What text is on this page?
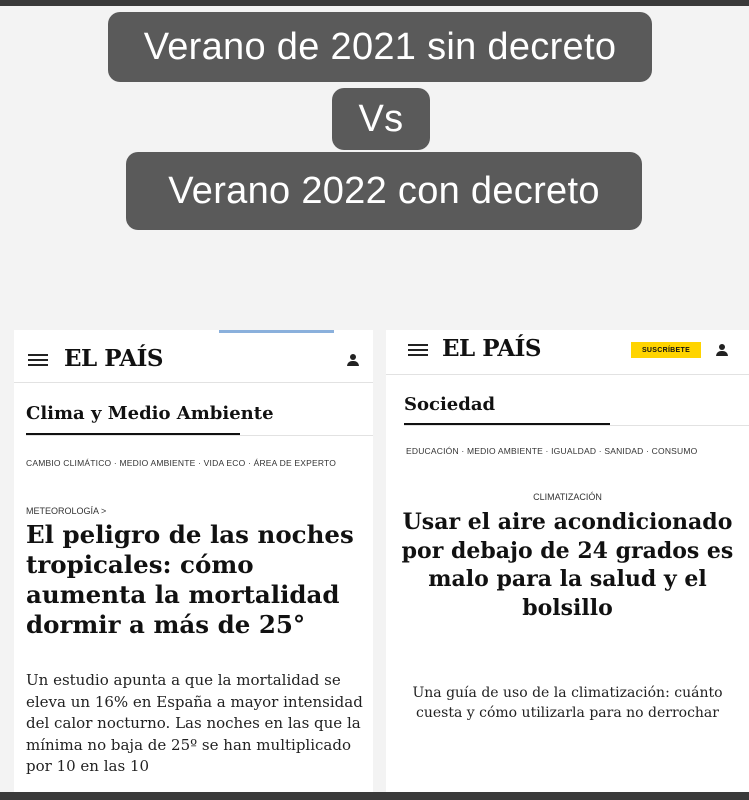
Verano de 2021 sin decreto
Vs
Verano 2022 con decreto
EL PAÍS
Clima y Medio Ambiente
CAMBIO CLIMÁTICO · MEDIO AMBIENTE · VIDA ECO · ÁREA DE EXPERTO
METEOROLOGÍA >
El peligro de las noches tropicales: cómo aumenta la mortalidad dormir a más de 25°

Un estudio apunta a que la mortalidad se eleva un 16% en España a mayor intensidad del calor nocturno. Las noches en las que la mínima no baja de 25º se han multiplicado por 10 en las 10

EL PAÍS	SUSCRÍBETE
Sociedad
EDUCACIÓN · MEDIO AMBIENTE · IGUALDAD · SANIDAD · CONSUMO
CLIMATIZACIÓN
Usar el aire acondicionado por debajo de 24 grados es malo para la salud y el bolsillo

Una guía de uso de la climatización: cuánto cuesta y cómo utilizarla para no derrochar
